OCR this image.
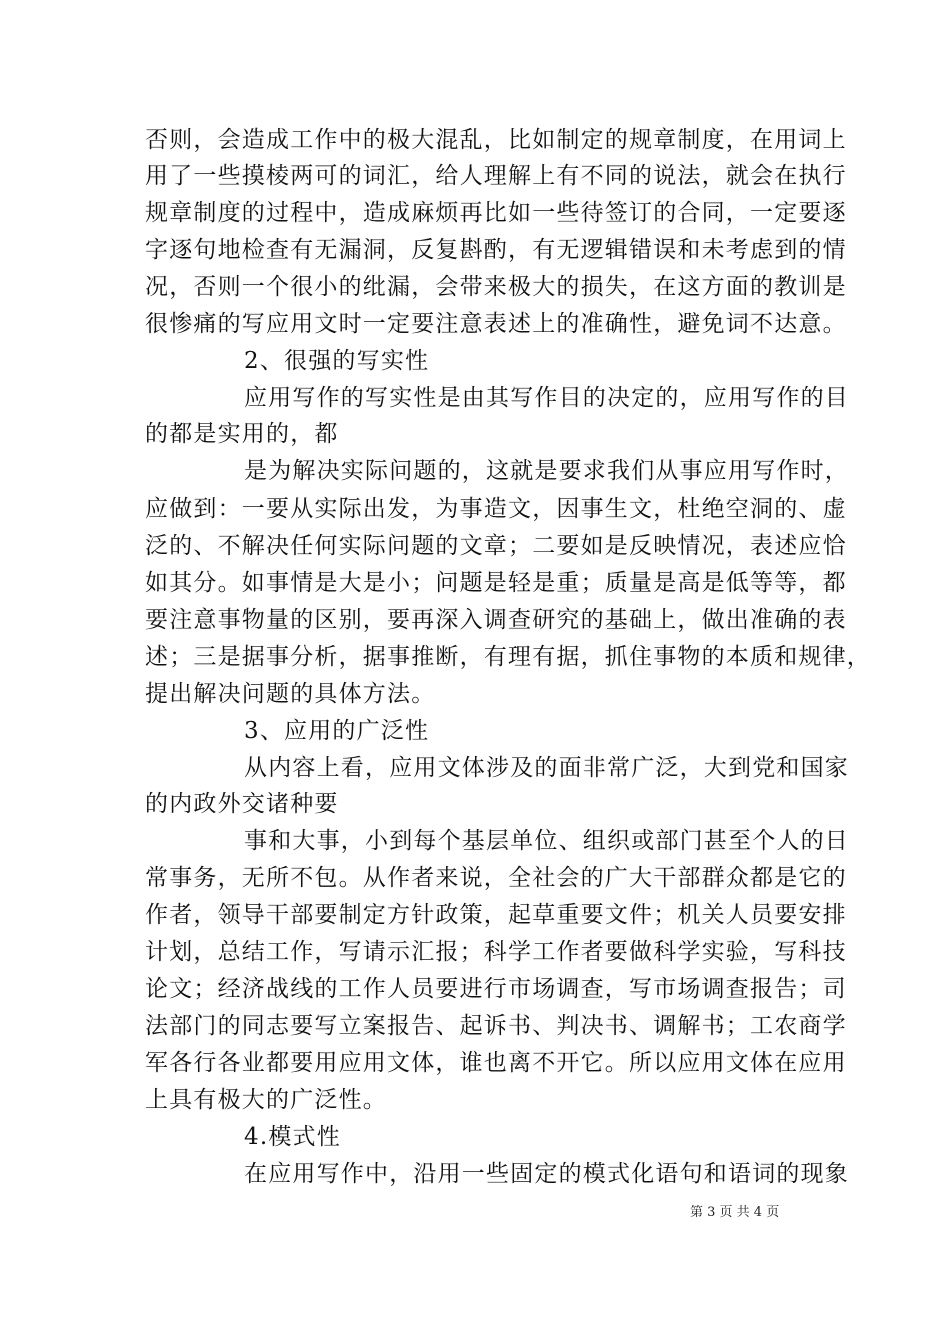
否则，会造成工作中的极大混乱，比如制定的规章制度，在用词上
用了一些摸棱两可的词汇，给人理解上有不同的说法，就会在执行
规章制度的过程中，造成麻烦再比如一些待签订的合同，一定要逐
字逐句地检查有无漏洞，反复斟酌，有无逻辑错误和未考虑到的情
况，否则一个很小的纰漏，会带来极大的损失，在这方面的教训是
很惨痛的写应用文时一定要注意表述上的准确性，避免词不达意。
2、很强的写实性
应用写作的写实性是由其写作目的决定的，应用写作的目
的都是实用的，都
是为解决实际问题的，这就是要求我们从事应用写作时，
应做到：一要从实际出发，为事造文，因事生文，杜绝空洞的、虚
泛的、不解决任何实际问题的文章；二要如是反映情况，表述应恰
如其分。如事情是大是小；问题是轻是重；质量是高是低等等，都
要注意事物量的区别，要再深入调查研究的基础上，做出准确的表
述；三是据事分析，据事推断，有理有据，抓住事物的本质和规律，
提出解决问题的具体方法。
3、应用的广泛性
从内容上看，应用文体涉及的面非常广泛，大到党和国家
的内政外交诸种要
事和大事，小到每个基层单位、组织或部门甚至个人的日
常事务，无所不包。从作者来说，全社会的广大干部群众都是它的
作者，领导干部要制定方针政策，起草重要文件；机关人员要安排
计划，总结工作，写请示汇报；科学工作者要做科学实验，写科技
论文；经济战线的工作人员要进行市场调查，写市场调查报告；司
法部门的同志要写立案报告、起诉书、判决书、调解书；工农商学
军各行各业都要用应用文体，谁也离不开它。所以应用文体在应用
上具有极大的广泛性。
4.模式性
在应用写作中，沿用一些固定的模式化语句和语词的现象
第 3 页 共 4 页
